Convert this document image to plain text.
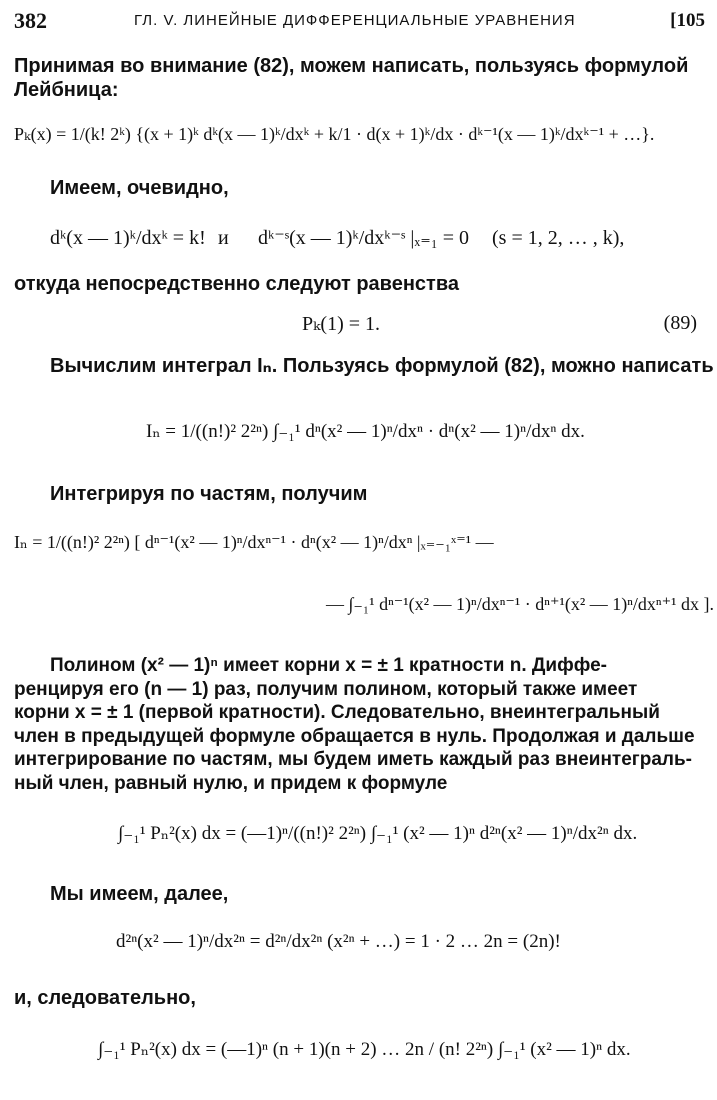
382	ГЛ. V. ЛИНЕЙНЫЕ ДИФФЕРЕНЦИАЛЬНЫЕ УРАВНЕНИЯ	[105
Принимая во внимание (82), можем написать, пользуясь формулой
Лейбница:
Pₖ(x) = 1/(k! 2ᵏ) {(x + 1)ᵏ dᵏ(x — 1)ᵏ/dxᵏ + k/1 · d(x + 1)ᵏ/dx · dᵏ⁻¹(x — 1)ᵏ/dxᵏ⁻¹ + …}.
Имеем, очевидно,
dᵏ(x — 1)ᵏ/dxᵏ = k! и dᵏ⁻ˢ(x — 1)ᵏ/dxᵏ⁻ˢ |ₓ₌₁ = 0 (s = 1, 2, … , k),
откуда непосредственно следуют равенства
Pₖ(1) = 1.	(89)
Вычислим интеграл Iₙ. Пользуясь формулой (82), можно написать
Iₙ = 1/((n!)² 2²ⁿ) ∫₋₁¹ dⁿ(x² — 1)ⁿ/dxⁿ · dⁿ(x² — 1)ⁿ/dxⁿ dx.
Интегрируя по частям, получим
Iₙ = 1/((n!)² 2²ⁿ) [ dⁿ⁻¹(x² — 1)ⁿ/dxⁿ⁻¹ · dⁿ(x² — 1)ⁿ/dxⁿ |ₓ₌₋₁ˣ⁼¹ —
— ∫₋₁¹ dⁿ⁻¹(x² — 1)ⁿ/dxⁿ⁻¹ · dⁿ⁺¹(x² — 1)ⁿ/dxⁿ⁺¹ dx ].
Полином (x² — 1)ⁿ имеет корни x = ± 1 кратности n. Диффе-
ренцируя его (n — 1) раз, получим полином, который также имеет
корни x = ± 1 (первой кратности). Следовательно, внеинтегральный
член в предыдущей формуле обращается в нуль. Продолжая и дальше
интегрирование по частям, мы будем иметь каждый раз внеинтеграль-
ный член, равный нулю, и придем к формуле
∫₋₁¹ Pₙ²(x) dx = (—1)ⁿ/((n!)² 2²ⁿ) ∫₋₁¹ (x² — 1)ⁿ d²ⁿ(x² — 1)ⁿ/dx²ⁿ dx.
Мы имеем, далее,
d²ⁿ(x² — 1)ⁿ/dx²ⁿ = d²ⁿ/dx²ⁿ (x²ⁿ + …) = 1 · 2 … 2n = (2n)!
и, следовательно,
∫₋₁¹ Pₙ²(x) dx = (—1)ⁿ (n + 1)(n + 2) … 2n / (n! 2²ⁿ) ∫₋₁¹ (x² — 1)ⁿ dx.
